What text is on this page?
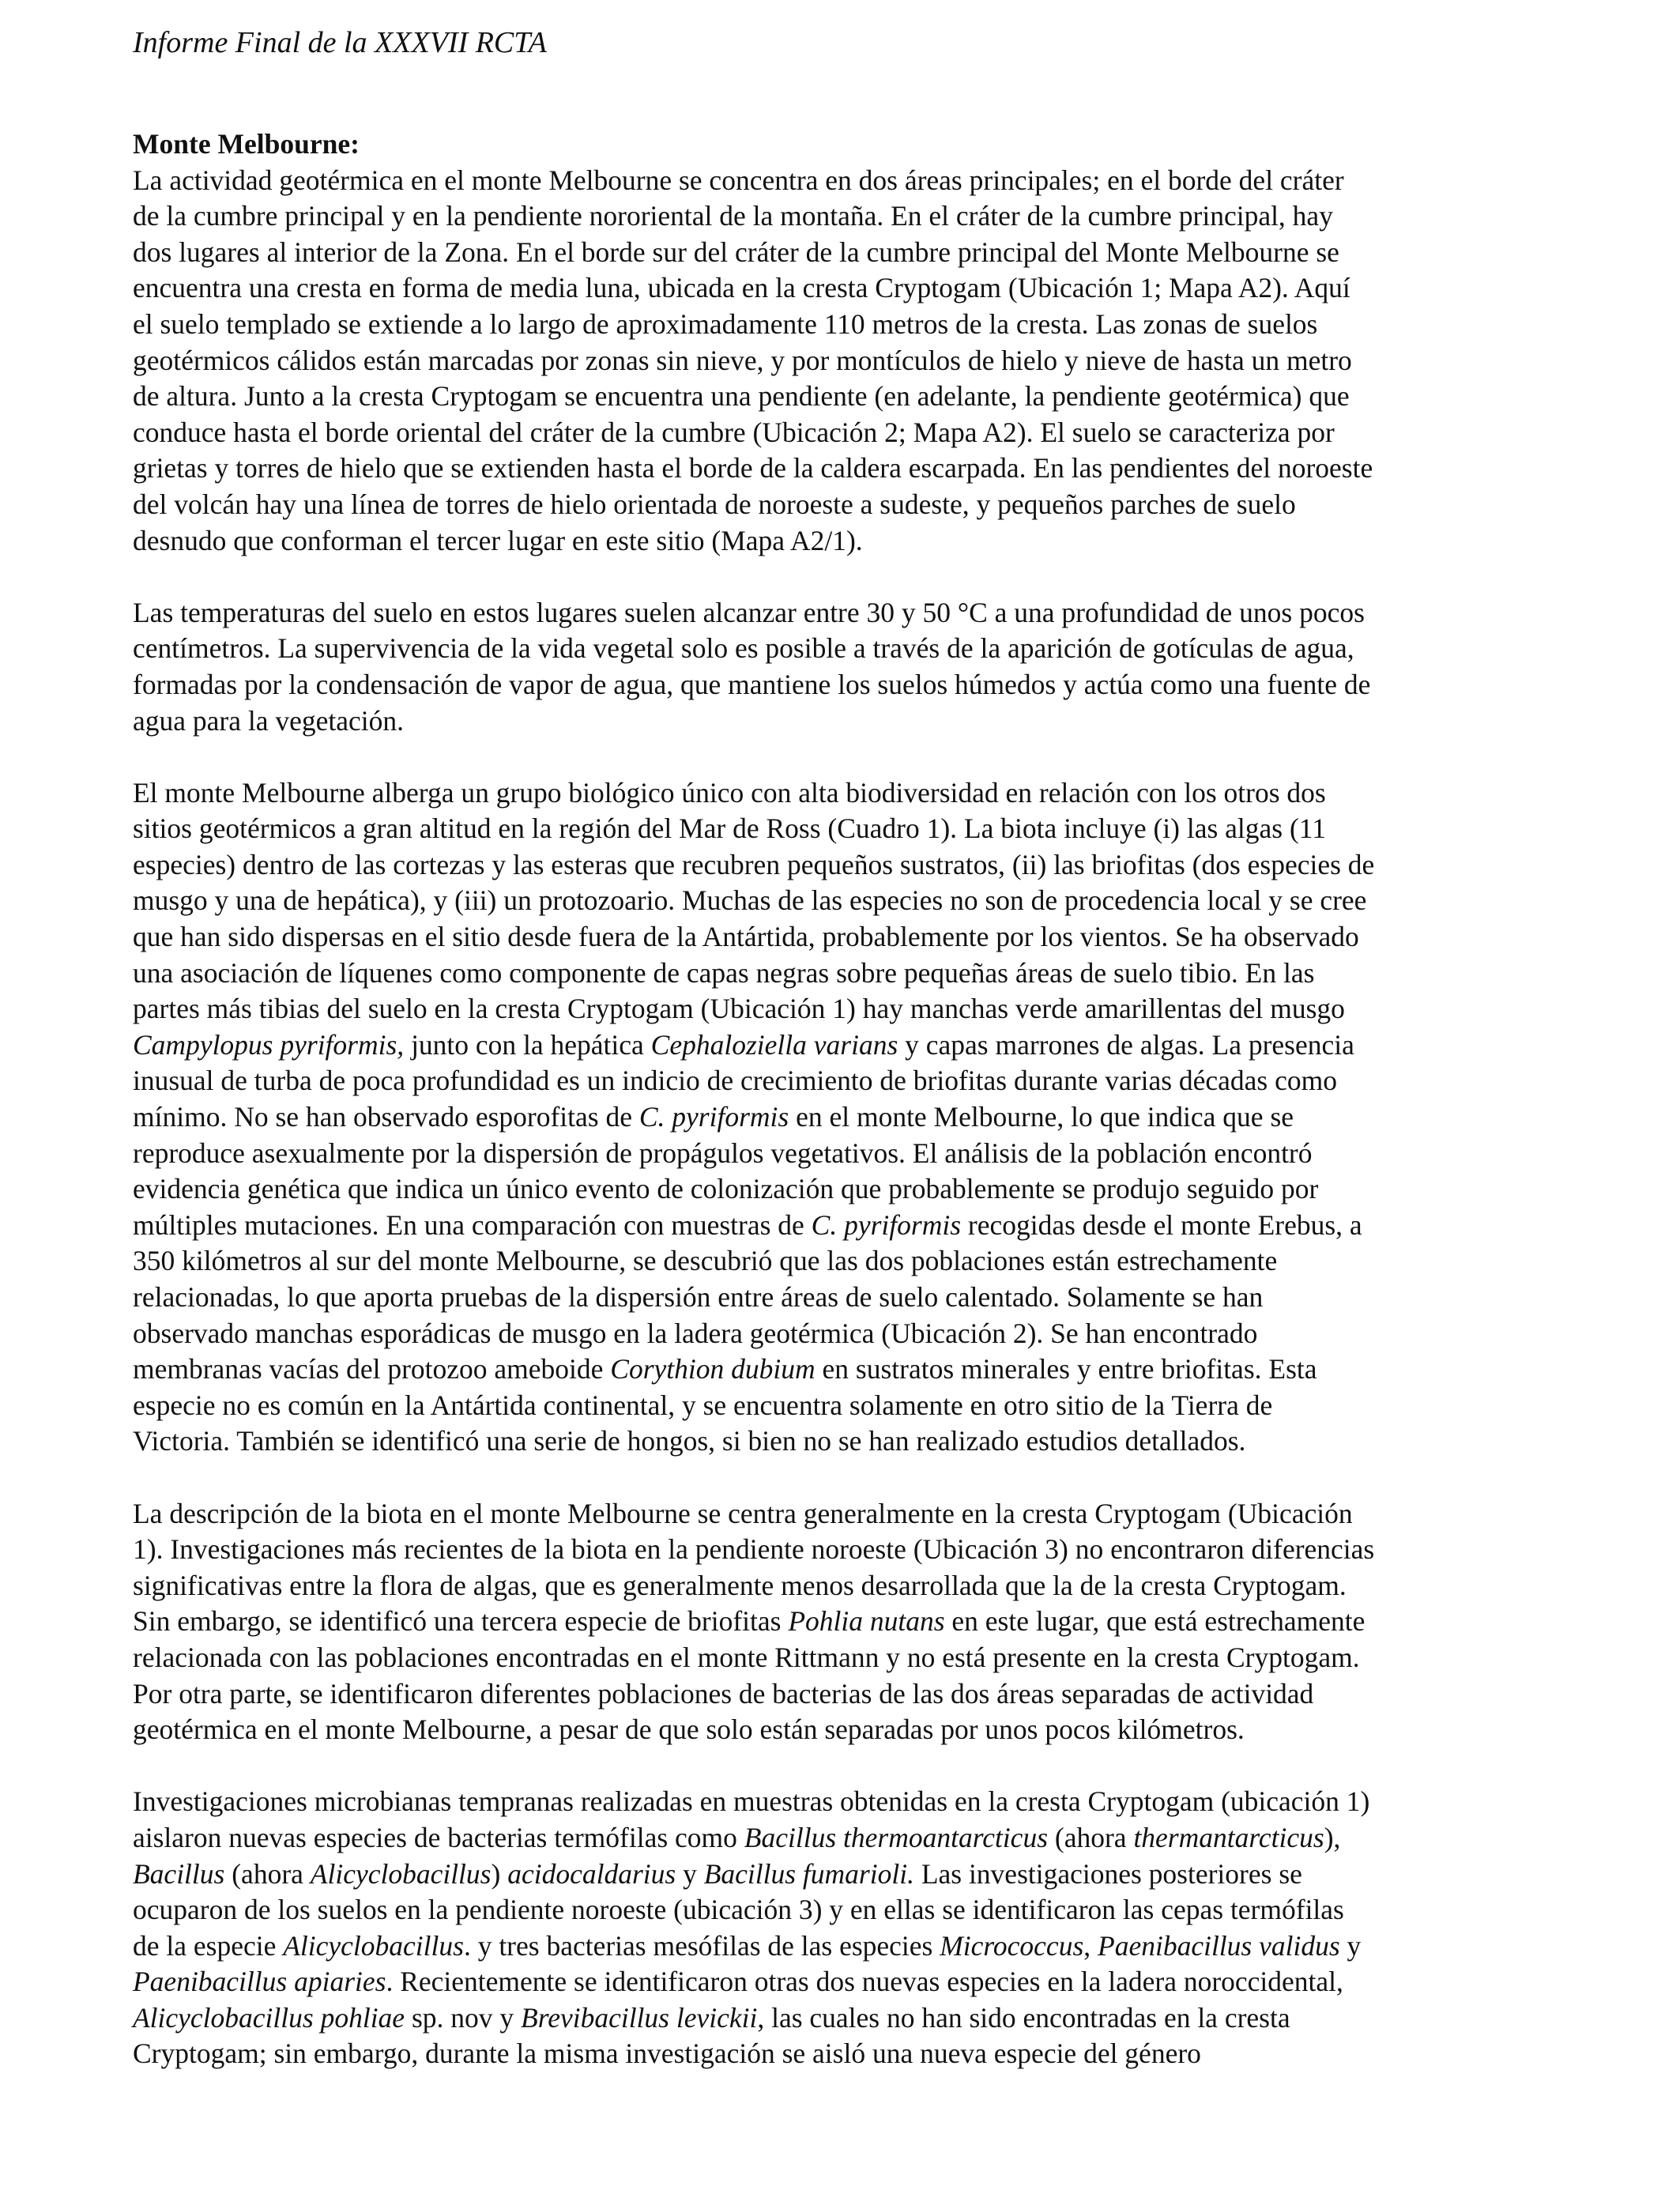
Informe Final de la XXXVII RCTA
Monte Melbourne:
La actividad geotérmica en el monte Melbourne se concentra en dos áreas principales; en el borde del cráter
de la cumbre principal y en la pendiente nororiental de la montaña. En el cráter de la cumbre principal, hay
dos lugares al interior de la Zona. En el borde sur del cráter de la cumbre principal del Monte Melbourne se
encuentra una cresta en forma de media luna, ubicada en la cresta Cryptogam (Ubicación 1; Mapa A2). Aquí
el suelo templado se extiende a lo largo de aproximadamente 110 metros de la cresta. Las zonas de suelos
geotérmicos cálidos están marcadas por zonas sin nieve, y por montículos de hielo y nieve de hasta un metro
de altura. Junto a la cresta Cryptogam se encuentra una pendiente (en adelante, la pendiente geotérmica) que
conduce hasta el borde oriental del cráter de la cumbre (Ubicación 2; Mapa A2). El suelo se caracteriza por
grietas y torres de hielo que se extienden hasta el borde de la caldera escarpada. En las pendientes del noroeste
del volcán hay una línea de torres de hielo orientada de noroeste a sudeste, y pequeños parches de suelo
desnudo que conforman el tercer lugar en este sitio (Mapa A2/1).
Las temperaturas del suelo en estos lugares suelen alcanzar entre 30 y 50 °C a una profundidad de unos pocos
centímetros. La supervivencia de la vida vegetal solo es posible a través de la aparición de gotículas de agua,
formadas por la condensación de vapor de agua, que mantiene los suelos húmedos y actúa como una fuente de
agua para la vegetación.
El monte Melbourne alberga un grupo biológico único con alta biodiversidad en relación con los otros dos
sitios geotérmicos a gran altitud en la región del Mar de Ross (Cuadro 1). La biota incluye (i) las algas (11
especies) dentro de las cortezas y las esteras que recubren pequeños sustratos, (ii) las briofitas (dos especies de
musgo y una de hepática), y (iii) un protozoario. Muchas de las especies no son de procedencia local y se cree
que han sido dispersas en el sitio desde fuera de la Antártida, probablemente por los vientos. Se ha observado
una asociación de líquenes como componente de capas negras sobre pequeñas áreas de suelo tibio. En las
partes más tibias del suelo en la cresta Cryptogam (Ubicación 1) hay manchas verde amarillentas del musgo
Campylopus pyriformis, junto con la hepática Cephaloziella varians y capas marrones de algas. La presencia
inusual de turba de poca profundidad es un indicio de crecimiento de briofitas durante varias décadas como
mínimo. No se han observado esporofitas de C. pyriformis en el monte Melbourne, lo que indica que se
reproduce asexualmente por la dispersión de propágulos vegetativos. El análisis de la población encontró
evidencia genética que indica un único evento de colonización que probablemente se produjo seguido por
múltiples mutaciones. En una comparación con muestras de C. pyriformis recogidas desde el monte Erebus, a
350 kilómetros al sur del monte Melbourne, se descubrió que las dos poblaciones están estrechamente
relacionadas, lo que aporta pruebas de la dispersión entre áreas de suelo calentado. Solamente se han
observado manchas esporádicas de musgo en la ladera geotérmica (Ubicación 2). Se han encontrado
membranas vacías del protozoo ameboide Corythion dubium en sustratos minerales y entre briofitas. Esta
especie no es común en la Antártida continental, y se encuentra solamente en otro sitio de la Tierra de
Victoria. También se identificó una serie de hongos, si bien no se han realizado estudios detallados.
La descripción de la biota en el monte Melbourne se centra generalmente en la cresta Cryptogam (Ubicación
1). Investigaciones más recientes de la biota en la pendiente noroeste (Ubicación 3) no encontraron diferencias
significativas entre la flora de algas, que es generalmente menos desarrollada que la de la cresta Cryptogam.
Sin embargo, se identificó una tercera especie de briofitas Pohlia nutans en este lugar, que está estrechamente
relacionada con las poblaciones encontradas en el monte Rittmann y no está presente en la cresta Cryptogam.
Por otra parte, se identificaron diferentes poblaciones de bacterias de las dos áreas separadas de actividad
geotérmica en el monte Melbourne, a pesar de que solo están separadas por unos pocos kilómetros.
Investigaciones microbianas tempranas realizadas en muestras obtenidas en la cresta Cryptogam (ubicación 1)
aislaron nuevas especies de bacterias termófilas como Bacillus thermoantarcticus (ahora thermantarcticus),
Bacillus (ahora Alicyclobacillus) acidocaldarius y Bacillus fumarioli. Las investigaciones posteriores se
ocuparon de los suelos en la pendiente noroeste (ubicación 3) y en ellas se identificaron las cepas termófilas
de la especie Alicyclobacillus. y tres bacterias mesófilas de las especies Micrococcus, Paenibacillus validus y
Paenibacillus apiaries. Recientemente se identificaron otras dos nuevas especies en la ladera noroccidental,
Alicyclobacillus pohliae sp. nov y Brevibacillus levickii, las cuales no han sido encontradas en la cresta
Cryptogam; sin embargo, durante la misma investigación se aisló una nueva especie del género
